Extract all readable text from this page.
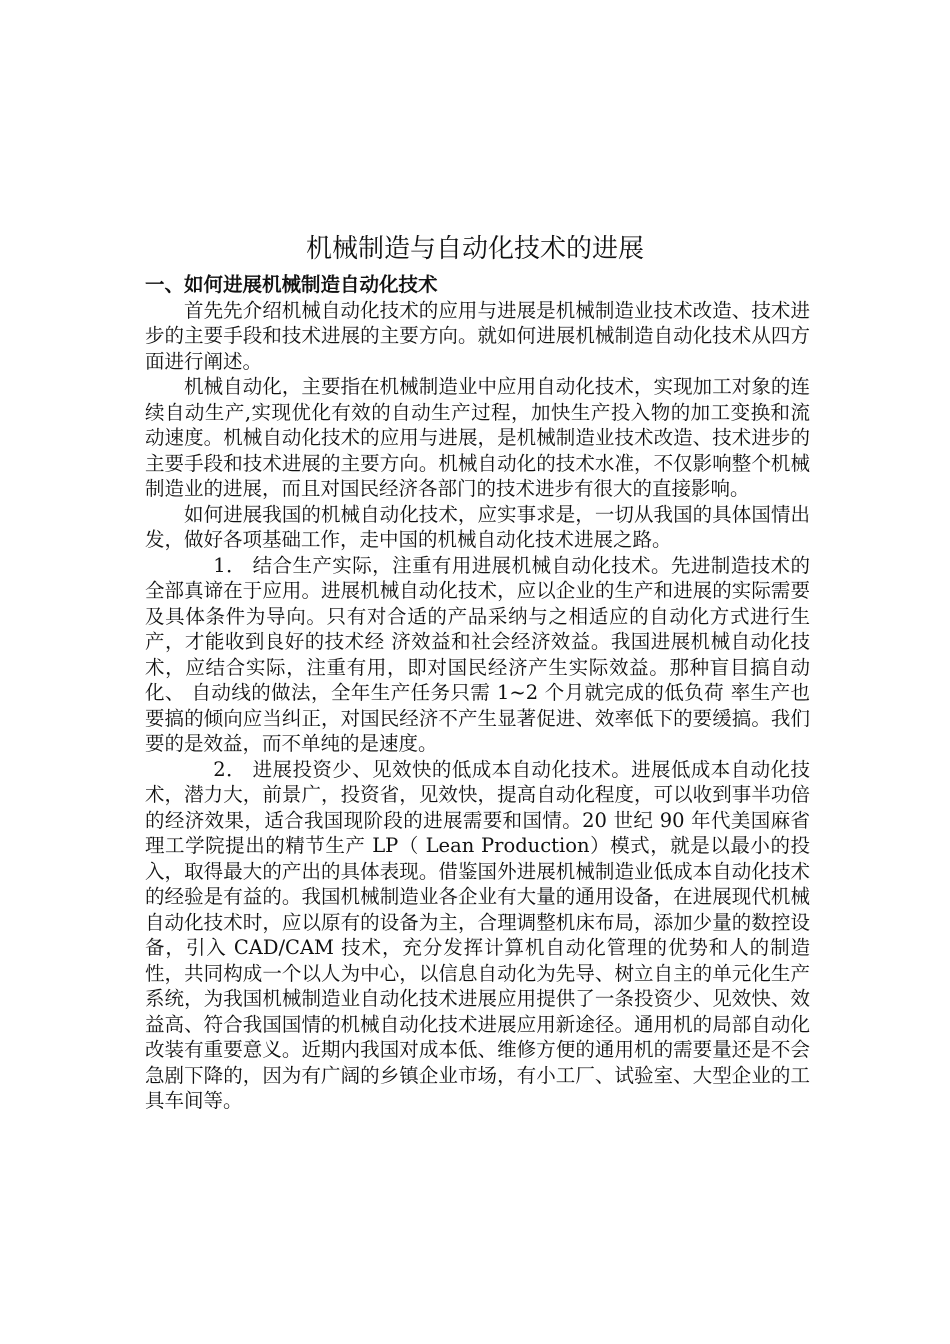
机械制造与自动化技术的进展
一、如何进展机械制造自动化技术

首先先介绍机械自动化技术的应用与进展是机械制造业技术改造、技术进步的主要手段和技术进展的主要方向。就如何进展机械制造自动化技术从四方面进行阐述。

机械自动化，主要指在机械制造业中应用自动化技术，实现加工对象的连续自动生产,实现优化有效的自动生产过程，加快生产投入物的加工变换和流动速度。机械自动化技术的应用与进展，是机械制造业技术改造、技术进步的主要手段和技术进展的主要方向。机械自动化的技术水准，不仅影响整个机械制造业的进展，而且对国民经济各部门的技术进步有很大的直接影响。

如何进展我国的机械自动化技术，应实事求是，一切从我国的具体国情出发，做好各项基础工作，走中国的机械自动化技术进展之路。

1． 结合生产实际，注重有用进展机械自动化技术。先进制造技术的全部真谛在于应用。进展机械自动化技术，应以企业的生产和进展的实际需要及具体条件为导向。只有对合适的产品采纳与之相适应的自动化方式进行生产，才能收到良好的技术经 济效益和社会经济效益。我国进展机械自动化技术，应结合实际，注重有用，即对国民经济产生实际效益。那种盲目搞自动化、 自动线的做法，全年生产任务只需 1~2 个月就完成的低负荷 率生产也要搞的倾向应当纠正，对国民经济不产生显著促进、效率低下的要缓搞。我们要的是效益，而不单纯的是速度。

2． 进展投资少、见效快的低成本自动化技术。进展低成本自动化技术，潜力大，前景广，投资省，见效快，提高自动化程度，可以收到事半功倍的经济效果，适合我国现阶段的进展需要和国情。20 世纪 90 年代美国麻省理工学院提出的精节生产 LP（ Lean Production）模式，就是以最小的投入，取得最大的产出的具体表现。借鉴国外进展机械制造业低成本自动化技术的经验是有益的。我国机械制造业各企业有大量的通用设备，在进展现代机械自动化技术时，应以原有的设备为主，合理调整机床布局，添加少量的数控设备，引入 CAD/CAM 技术，充分发挥计算机自动化管理的优势和人的制造性，共同构成一个以人为中心，以信息自动化为先导、树立自主的单元化生产系统，为我国机械制造业自动化技术进展应用提供了一条投资少、见效快、效益高、符合我国国情的机械自动化技术进展应用新途径。通用机的局部自动化改装有重要意义。近期内我国对成本低、维修方便的通用机的需要量还是不会急剧下降的，因为有广阔的乡镇企业市场，有小工厂、试验室、大型企业的工具车间等。
